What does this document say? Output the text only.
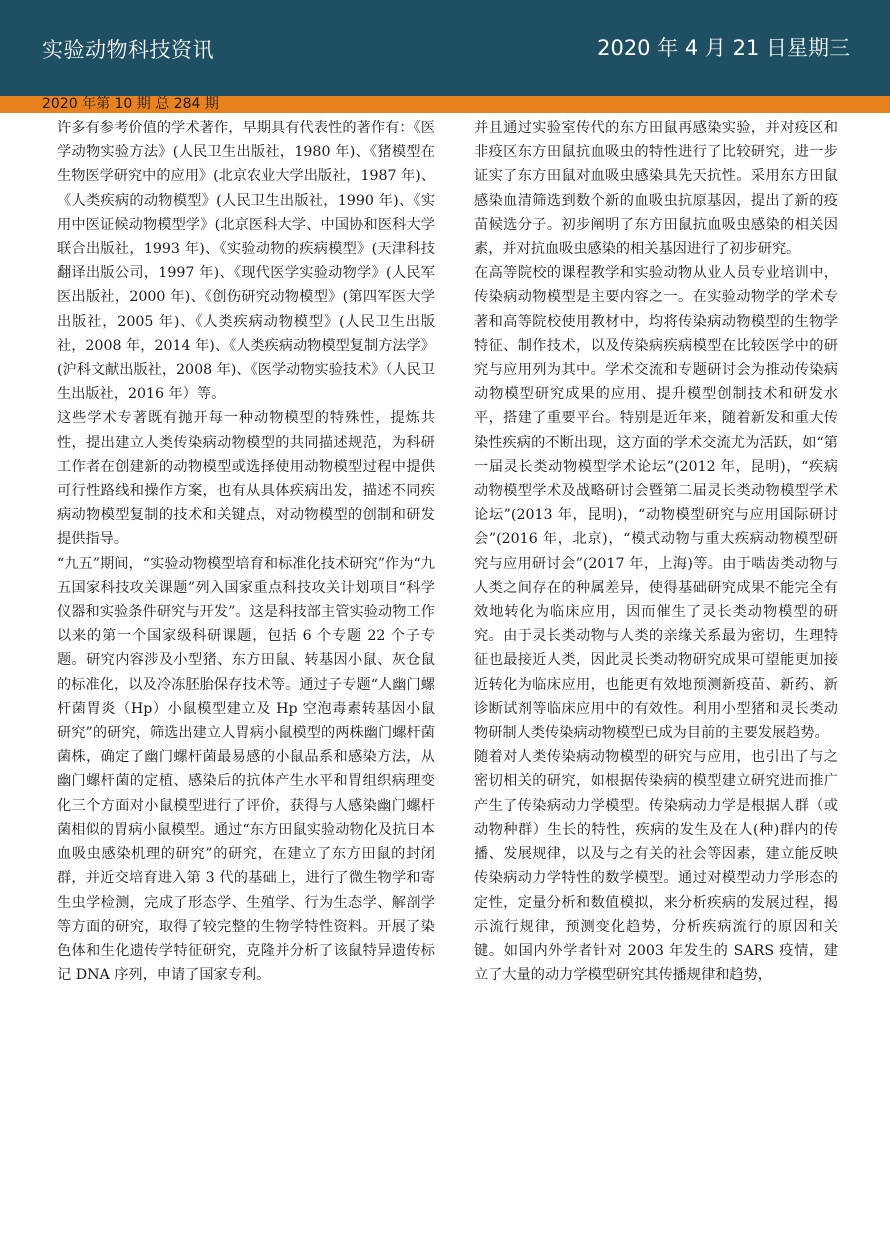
实验动物科技资讯	2020 年 4 月 21 日星期三
2020 年第 10 期 总 284 期

许多有参考价值的学术著作，早期具有代表性的著作有：《医学动物实验方法》(人民卫生出版社，1980 年)、《猪模型在生物医学研究中的应用》(北京农业大学出版社，1987 年)、《人类疾病的动物模型》(人民卫生出版社，1990 年)、《实用中医证候动物模型学》(北京医科大学、中国协和医科大学联合出版社，1993 年)、《实验动物的疾病模型》(天津科技翻译出版公司，1997 年)、《现代医学实验动物学》(人民军医出版社，2000 年)、《创伤研究动物模型》(第四军医大学出版社，2005 年)、《人类疾病动物模型》(人民卫生出版社，2008 年，2014 年)、《人类疾病动物模型复制方法学》(沪科文献出版社，2008 年)、《医学动物实验技术》（人民卫生出版社，2016 年）等。

这些学术专著既有抛开每一种动物模型的特殊性，提炼共性，提出建立人类传染病动物模型的共同描述规范，为科研工作者在创建新的动物模型或选择使用动物模型过程中提供可行性路线和操作方案，也有从具体疾病出发，描述不同疾病动物模型复制的技术和关键点，对动物模型的创制和研发提供指导。

“九五”期间，“实验动物模型培育和标准化技术研究”作为“九五国家科技攻关课题”列入国家重点科技攻关计划项目“科学仪器和实验条件研究与开发”。这是科技部主管实验动物工作以来的第一个国家级科研课题，包括 6 个专题 22 个子专题。研究内容涉及小型猪、东方田鼠、转基因小鼠、灰仓鼠的标准化，以及冷冻胚胎保存技术等。通过子专题“人幽门螺杆菌胃炎（Hp）小鼠模型建立及 Hp 空泡毒素转基因小鼠研究”的研究，筛选出建立人胃病小鼠模型的两株幽门螺杆菌菌株，确定了幽门螺杆菌最易感的小鼠品系和感染方法，从幽门螺杆菌的定植、感染后的抗体产生水平和胃组织病理变化三个方面对小鼠模型进行了评价，获得与人感染幽门螺杆菌相似的胃病小鼠模型。通过“东方田鼠实验动物化及抗日本血吸虫感染机理的研究”的研究，在建立了东方田鼠的封闭群，并近交培育进入第 3 代的基础上，进行了微生物学和寄生虫学检测，完成了形态学、生殖学、行为生态学、解剖学等方面的研究，取得了较完整的生物学特性资料。开展了染色体和生化遗传学特征研究，克隆并分析了该鼠特异遗传标记 DNA 序列，申请了国家专利。

并且通过实验室传代的东方田鼠再感染实验，并对疫区和非疫区东方田鼠抗血吸虫的特性进行了比较研究，进一步证实了东方田鼠对血吸虫感染具先天抗性。采用东方田鼠感染血清筛选到数个新的血吸虫抗原基因，提出了新的疫苗候选分子。初步阐明了东方田鼠抗血吸虫感染的相关因素，并对抗血吸虫感染的相关基因进行了初步研究。

在高等院校的课程教学和实验动物从业人员专业培训中，传染病动物模型是主要内容之一。在实验动物学的学术专著和高等院校使用教材中，均将传染病动物模型的生物学特征、制作技术，以及传染病疾病模型在比较医学中的研究与应用列为其中。学术交流和专题研讨会为推动传染病动物模型研究成果的应用、提升模型创制技术和研发水平，搭建了重要平台。特别是近年来，随着新发和重大传染性疾病的不断出现，这方面的学术交流尤为活跃，如“第一届灵长类动物模型学术论坛”(2012 年，昆明)，“疾病动物模型学术及战略研讨会暨第二届灵长类动物模型学术论坛”(2013 年，昆明)，“动物模型研究与应用国际研讨会”(2016 年，北京)，“模式动物与重大疾病动物模型研究与应用研讨会”(2017 年，上海)等。由于啮齿类动物与人类之间存在的种属差异，使得基础研究成果不能完全有效地转化为临床应用，因而催生了灵长类动物模型的研究。由于灵长类动物与人类的亲缘关系最为密切，生理特征也最接近人类，因此灵长类动物研究成果可望能更加接近转化为临床应用，也能更有效地预测新疫苗、新药、新诊断试剂等临床应用中的有效性。利用小型猪和灵长类动物研制人类传染病动物模型已成为目前的主要发展趋势。

随着对人类传染病动物模型的研究与应用，也引出了与之密切相关的研究，如根据传染病的模型建立研究进而推广产生了传染病动力学模型。传染病动力学是根据人群（或动物种群）生长的特性，疾病的发生及在人(种)群内的传播、发展规律，以及与之有关的社会等因素，建立能反映传染病动力学特性的数学模型。通过对模型动力学形态的定性，定量分析和数值模拟，来分析疾病的发展过程，揭示流行规律，预测变化趋势，分析疾病流行的原因和关键。如国内外学者针对 2003 年发生的 SARS 疫情，建立了大量的动力学模型研究其传播规律和趋势，
